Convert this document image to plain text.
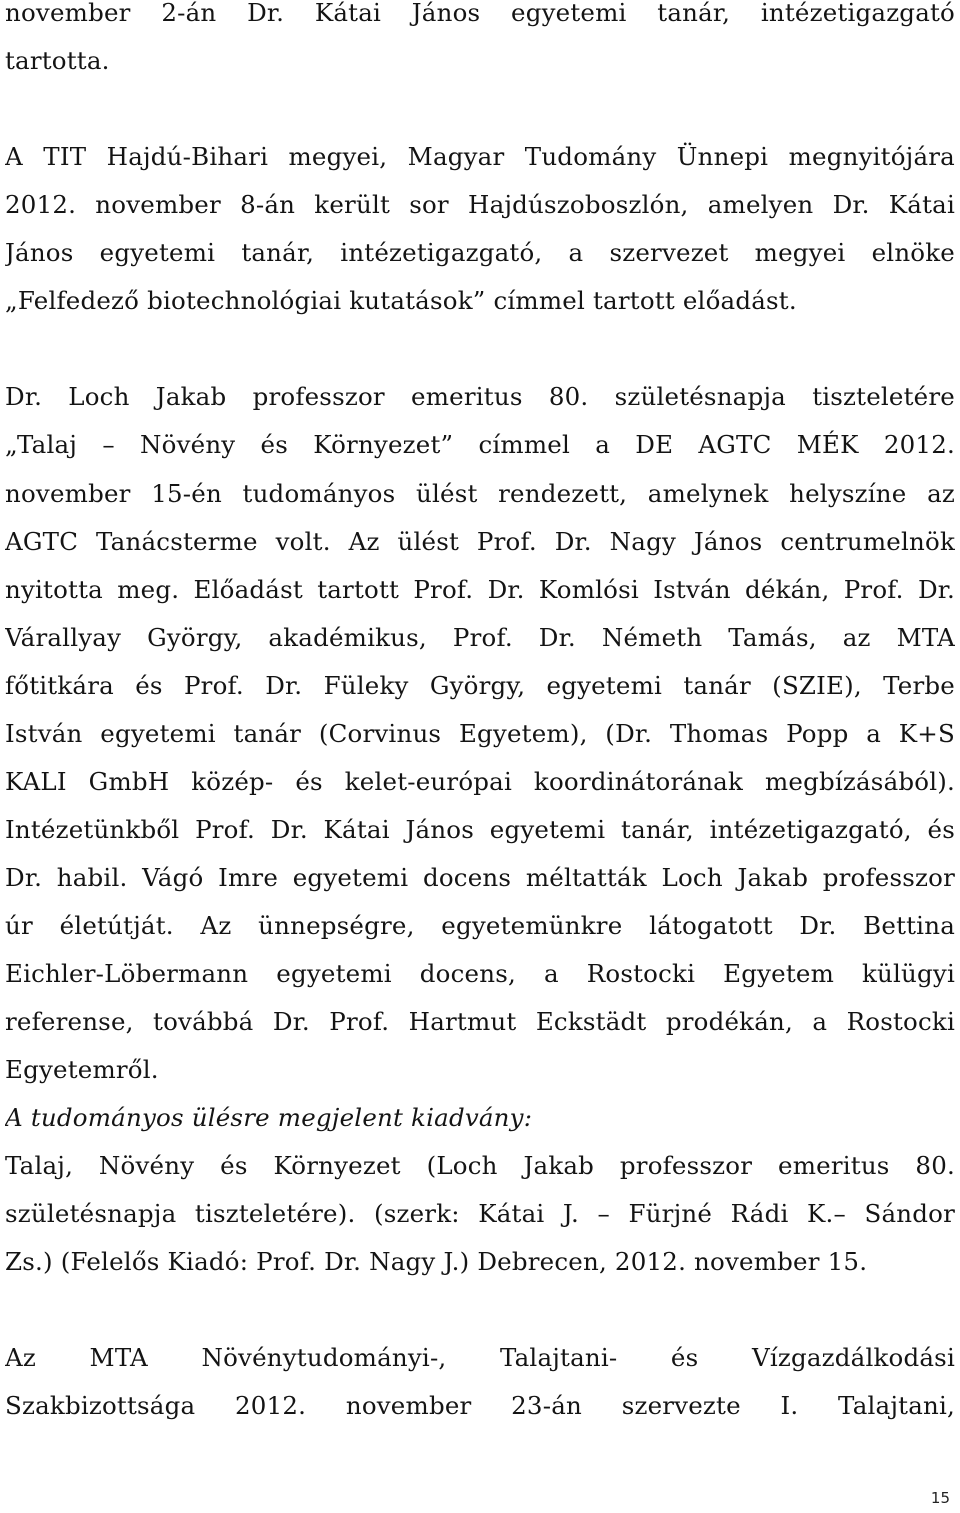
november 2-án Dr. Kátai János egyetemi tanár, intézetigazgató
tartotta.
A TIT Hajdú-Bihari megyei, Magyar Tudomány Ünnepi megnyitójára
2012. november 8-án került sor Hajdúszoboszlón, amelyen Dr. Kátai
János egyetemi tanár, intézetigazgató, a szervezet megyei elnöke
„Felfedező biotechnológiai kutatások” címmel tartott előadást.
Dr. Loch Jakab professzor emeritus 80. születésnapja tiszteletére
„Talaj – Növény és Környezet” címmel a DE AGTC MÉK 2012.
november 15-én tudományos ülést rendezett, amelynek helyszíne az
AGTC Tanácsterme volt. Az ülést Prof. Dr. Nagy János centrumelnök
nyitotta meg. Előadást tartott Prof. Dr. Komlósi István dékán, Prof. Dr.
Várallyay György, akadémikus, Prof. Dr. Németh Tamás, az MTA
főtitkára és Prof. Dr. Füleky György, egyetemi tanár (SZIE), Terbe
István egyetemi tanár (Corvinus Egyetem), (Dr. Thomas Popp a K+S
KALI GmbH közép- és kelet-európai koordinátorának megbízásából).
Intézetünkből Prof. Dr. Kátai János egyetemi tanár, intézetigazgató, és
Dr. habil. Vágó Imre egyetemi docens méltatták Loch Jakab professzor
úr életútját. Az ünnepségre, egyetemünkre látogatott Dr. Bettina
Eichler-Löbermann egyetemi docens, a Rostocki Egyetem külügyi
referense, továbbá Dr. Prof. Hartmut Eckstädt prodékán, a Rostocki
Egyetemről.
A tudományos ülésre megjelent kiadvány:
Talaj, Növény és Környezet (Loch Jakab professzor emeritus 80.
születésnapja tiszteletére). (szerk: Kátai J. – Fürjné Rádi K.– Sándor
Zs.) (Felelős Kiadó: Prof. Dr. Nagy J.) Debrecen, 2012. november 15.
Az MTA Növénytudományi-, Talajtani- és Vízgazdálkodási
Szakbizottsága 2012. november 23-án szervezte I. Talajtani,
15
